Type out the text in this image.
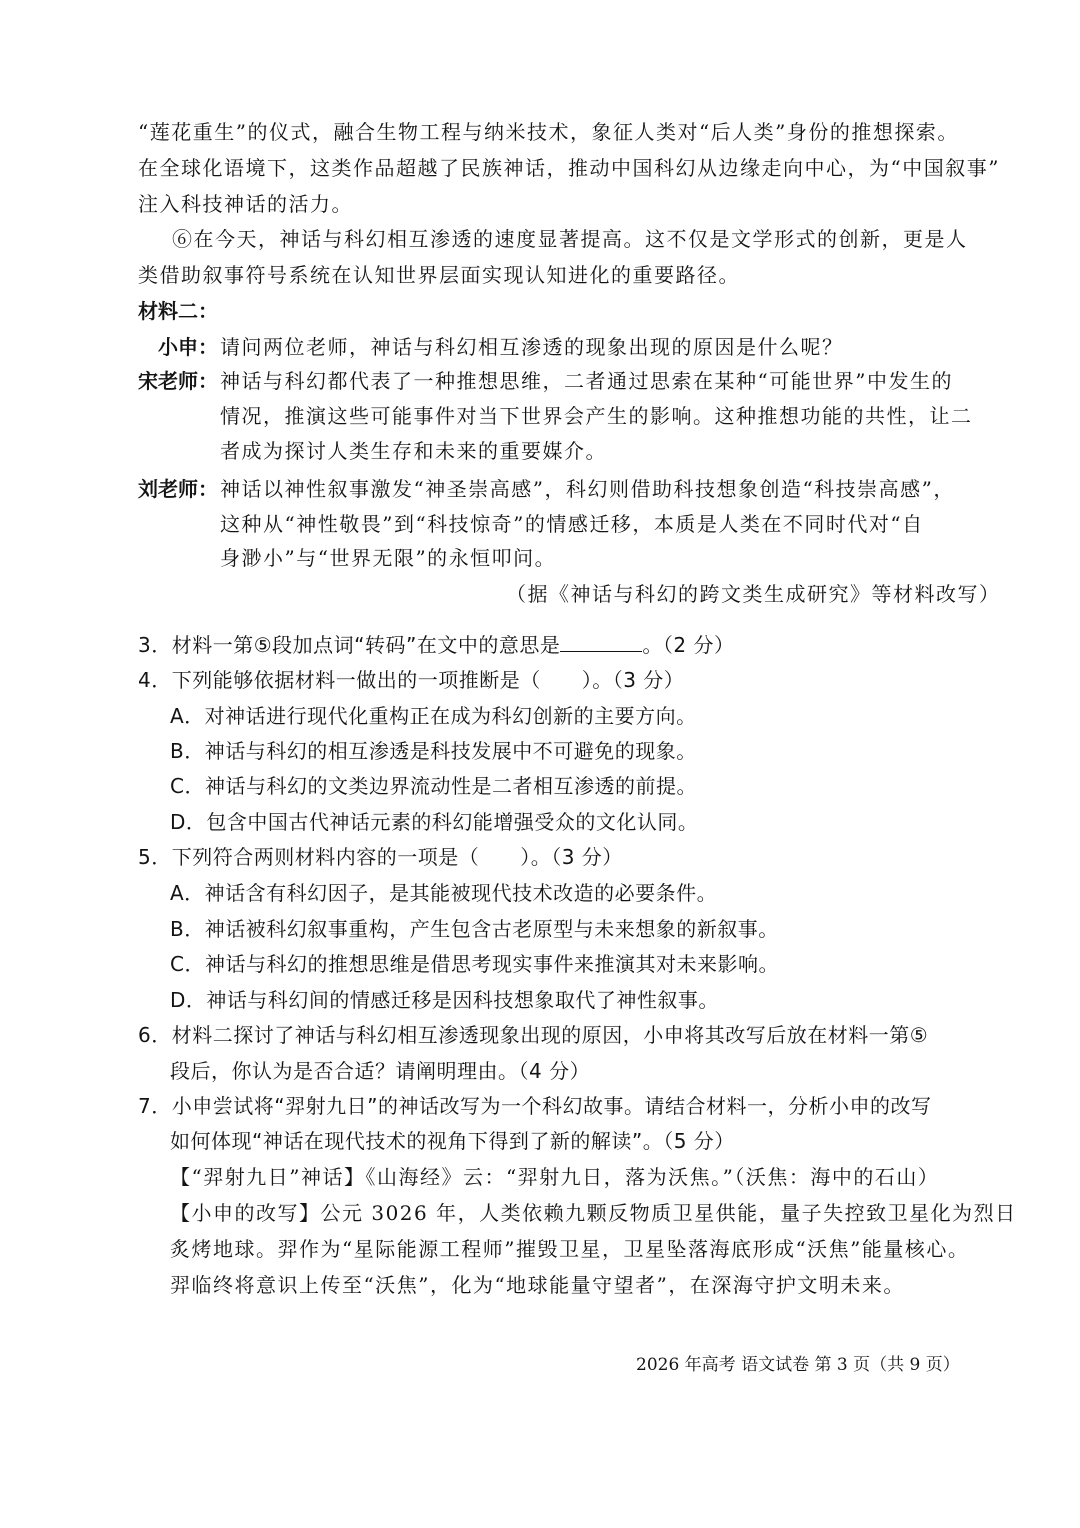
“莲花重生”的仪式，融合生物工程与纳米技术，象征人类对“后人类”身份的推想探索。
在全球化语境下，这类作品超越了民族神话，推动中国科幻从边缘走向中心，为“中国叙事”
注入科技神话的活力。
⑥在今天，神话与科幻相互渗透的速度显著提高。这不仅是文学形式的创新，更是人
类借助叙事符号系统在认知世界层面实现认知进化的重要路径。
材料二：
小申： 请问两位老师，神话与科幻相互渗透的现象出现的原因是什么呢？
宋老师： 神话与科幻都代表了一种推想思维，二者通过思索在某种“可能世界”中发生的
情况，推演这些可能事件对当下世界会产生的影响。这种推想功能的共性，让二
者成为探讨人类生存和未来的重要媒介。
刘老师： 神话以神性叙事激发“神圣崇高感”，科幻则借助科技想象创造“科技崇高感”，
这种从“神性敬畏”到“科技惊奇”的情感迁移，本质是人类在不同时代对“自
身渺小”与“世界无限”的永恒叩问。
（据《神话与科幻的跨文类生成研究》等材料改写）
3．材料一第⑤段加点词“转码”在文中的意思是	。（2 分）
4．下列能够依据材料一做出的一项推断是（　　）。（3 分）
A．对神话进行现代化重构正在成为科幻创新的主要方向。
B．神话与科幻的相互渗透是科技发展中不可避免的现象。
C．神话与科幻的文类边界流动性是二者相互渗透的前提。
D．包含中国古代神话元素的科幻能增强受众的文化认同。
5．下列符合两则材料内容的一项是（　　）。（3 分）
A．神话含有科幻因子，是其能被现代技术改造的必要条件。
B．神话被科幻叙事重构，产生包含古老原型与未来想象的新叙事。
C．神话与科幻的推想思维是借思考现实事件来推演其对未来影响。
D．神话与科幻间的情感迁移是因科技想象取代了神性叙事。
6．材料二探讨了神话与科幻相互渗透现象出现的原因，小申将其改写后放在材料一第⑤
段后，你认为是否合适？请阐明理由。（4 分）
7．小申尝试将“羿射九日”的神话改写为一个科幻故事。请结合材料一，分析小申的改写
如何体现“神话在现代技术的视角下得到了新的解读”。（5 分）
【“羿射九日”神话】《山海经》云：“羿射九日，落为沃焦。”（沃焦：海中的石山）
【小申的改写】公元 3026 年，人类依赖九颗反物质卫星供能，量子失控致卫星化为烈日
炙烤地球。羿作为“星际能源工程师”摧毁卫星，卫星坠落海底形成“沃焦”能量核心。
羿临终将意识上传至“沃焦”，化为“地球能量守望者”，在深海守护文明未来。
2026 年高考 语文试卷 第 3 页（共 9 页）
